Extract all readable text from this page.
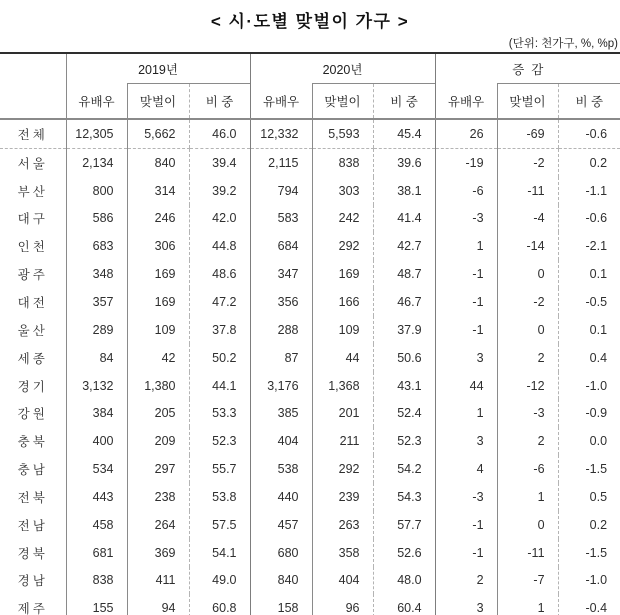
< 시·도별 맞벌이 가구 >
(단위: 천가구, %, %p)
	2019년			2020년			증  감		
	유배우	맞벌이	비 중	유배우	맞벌이	비 중	유배우	맞벌이	비 중
전체	12,305	5,662	46.0	12,332	5,593	45.4	26	-69	-0.6
서울	2,134	840	39.4	2,115	838	39.6	-19	-2	0.2
부산	800	314	39.2	794	303	38.1	-6	-11	-1.1
대구	586	246	42.0	583	242	41.4	-3	-4	-0.6
인천	683	306	44.8	684	292	42.7	1	-14	-2.1
광주	348	169	48.6	347	169	48.7	-1	0	0.1
대전	357	169	47.2	356	166	46.7	-1	-2	-0.5
울산	289	109	37.8	288	109	37.9	-1	0	0.1
세종	84	42	50.2	87	44	50.6	3	2	0.4
경기	3,132	1,380	44.1	3,176	1,368	43.1	44	-12	-1.0
강원	384	205	53.3	385	201	52.4	1	-3	-0.9
충북	400	209	52.3	404	211	52.3	3	2	0.0
충남	534	297	55.7	538	292	54.2	4	-6	-1.5
전북	443	238	53.8	440	239	54.3	-3	1	0.5
전남	458	264	57.5	457	263	57.7	-1	0	0.2
경북	681	369	54.1	680	358	52.6	-1	-11	-1.5
경남	838	411	49.0	840	404	48.0	2	-7	-1.0
제주	155	94	60.8	158	96	60.4	3	1	-0.4
